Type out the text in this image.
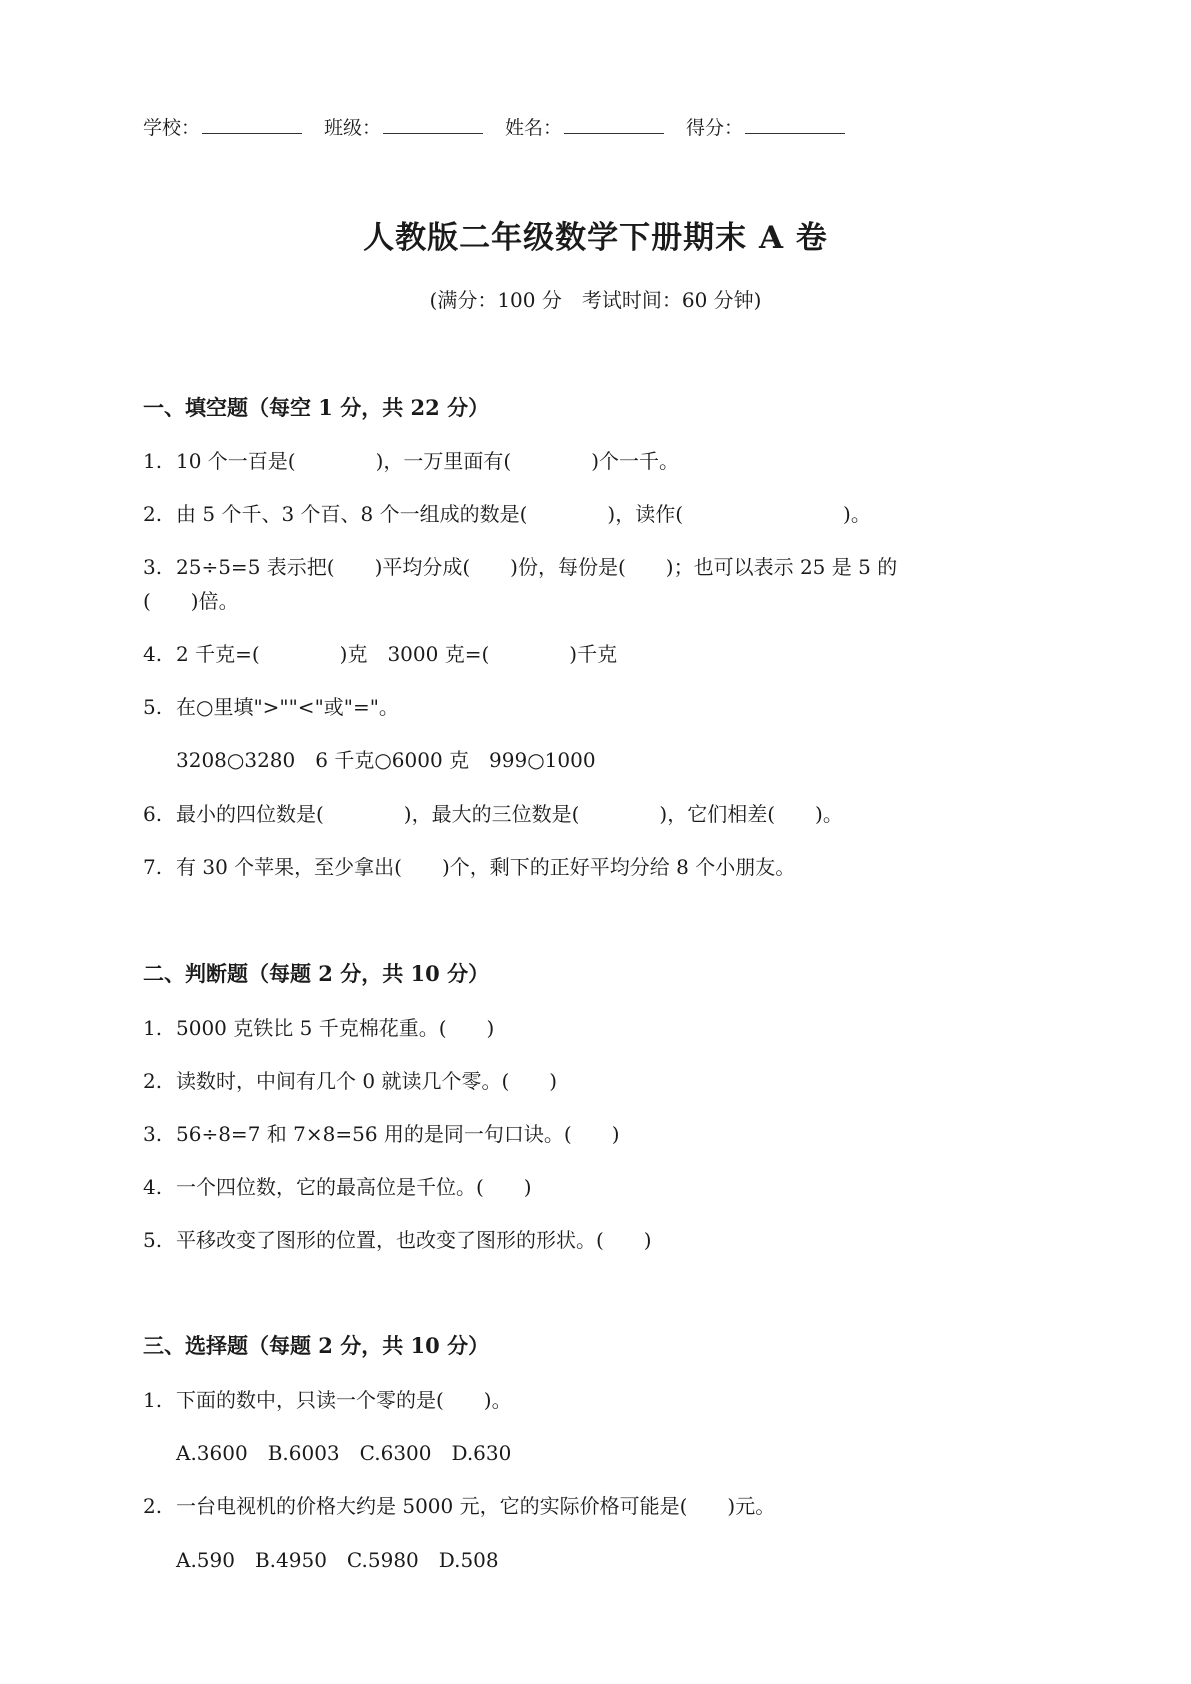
学校：	班级：	姓名：	得分：
人教版二年级数学下册期末 A 卷
(满分：100 分　考试时间：60 分钟)
一、填空题（每空 1 分，共 22 分）
1. 10 个一百是(　　　　)，一万里面有(　　　　)个一千。
2. 由 5 个千、3 个百、8 个一组成的数是(　　　　)，读作(　　　　　　　　)。
3. 25÷5=5 表示把(　　)平均分成(　　)份，每份是(　　)；也可以表示 25 是 5 的
(　　)倍。
4. 2 千克=(　　　　)克　3000 克=(　　　　)千克
5. 在○里填">""<"或"="。
3208○3280　6 千克○6000 克　999○1000
6. 最小的四位数是(　　　　)，最大的三位数是(　　　　)，它们相差(　　)。
7. 有 30 个苹果，至少拿出(　　)个，剩下的正好平均分给 8 个小朋友。
二、判断题（每题 2 分，共 10 分）
1. 5000 克铁比 5 千克棉花重。(　　)
2. 读数时，中间有几个 0 就读几个零。(　　)
3. 56÷8=7 和 7×8=56 用的是同一句口诀。(　　)
4. 一个四位数，它的最高位是千位。(　　)
5. 平移改变了图形的位置，也改变了图形的形状。(　　)
三、选择题（每题 2 分，共 10 分）
1. 下面的数中，只读一个零的是(　　)。
A.3600　B.6003　C.6300　D.630
2. 一台电视机的价格大约是 5000 元，它的实际价格可能是(　　)元。
A.590　B.4950　C.5980　D.508
